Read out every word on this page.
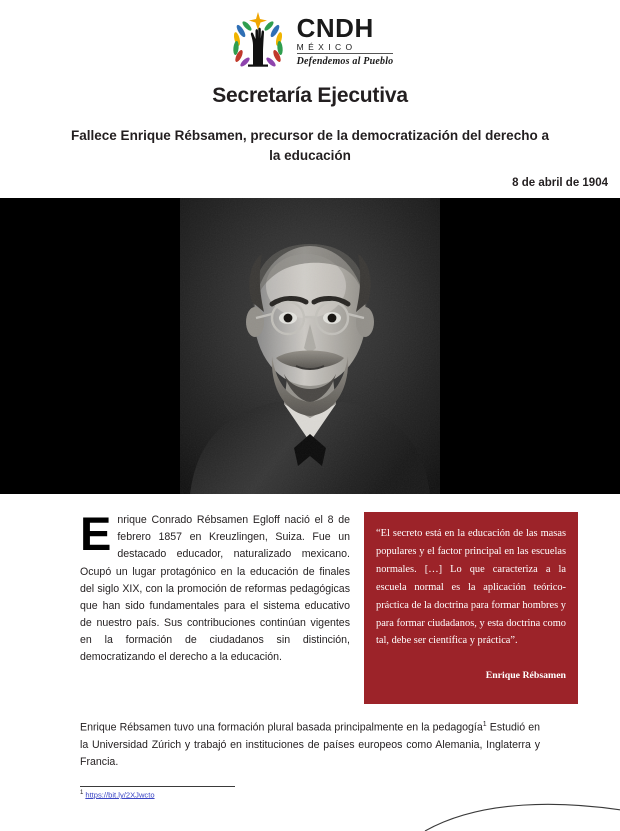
CNDH
MÉXICO
Defendemos al Pueblo
Secretaría Ejecutiva
Fallece Enrique Rébsamen, precursor de la democratización del derecho a la educación
8 de abril de 1904

Enrique Conrado Rébsamen Egloff nació el 8 de febrero 1857 en Kreuzlingen, Suiza. Fue un destacado educador, naturalizado mexicano. Ocupó un lugar protagónico en la educación de finales del siglo XIX, con la promoción de reformas pedagógicas que han sido fundamentales para el sistema educativo de nuestro país. Sus contribuciones continúan vigentes en la formación de ciudadanos sin distinción, democratizando el derecho a la educación.

“El secreto está en la educación de las masas populares y el factor principal en las escuelas normales. […] Lo que caracteriza a la escuela normal es la aplicación teórico-práctica de la doctrina para formar hombres y para formar ciudadanos, y esta doctrina como tal, debe ser científica y práctica”.

Enrique Rébsamen

Enrique Rébsamen tuvo una formación plural basada principalmente en la pedagogía$^1$ Estudió en la Universidad Zúrich y trabajó en instituciones de países europeos como Alemania, Inglaterra y Francia.

$^1$ https://bit.ly/2XJwcto
